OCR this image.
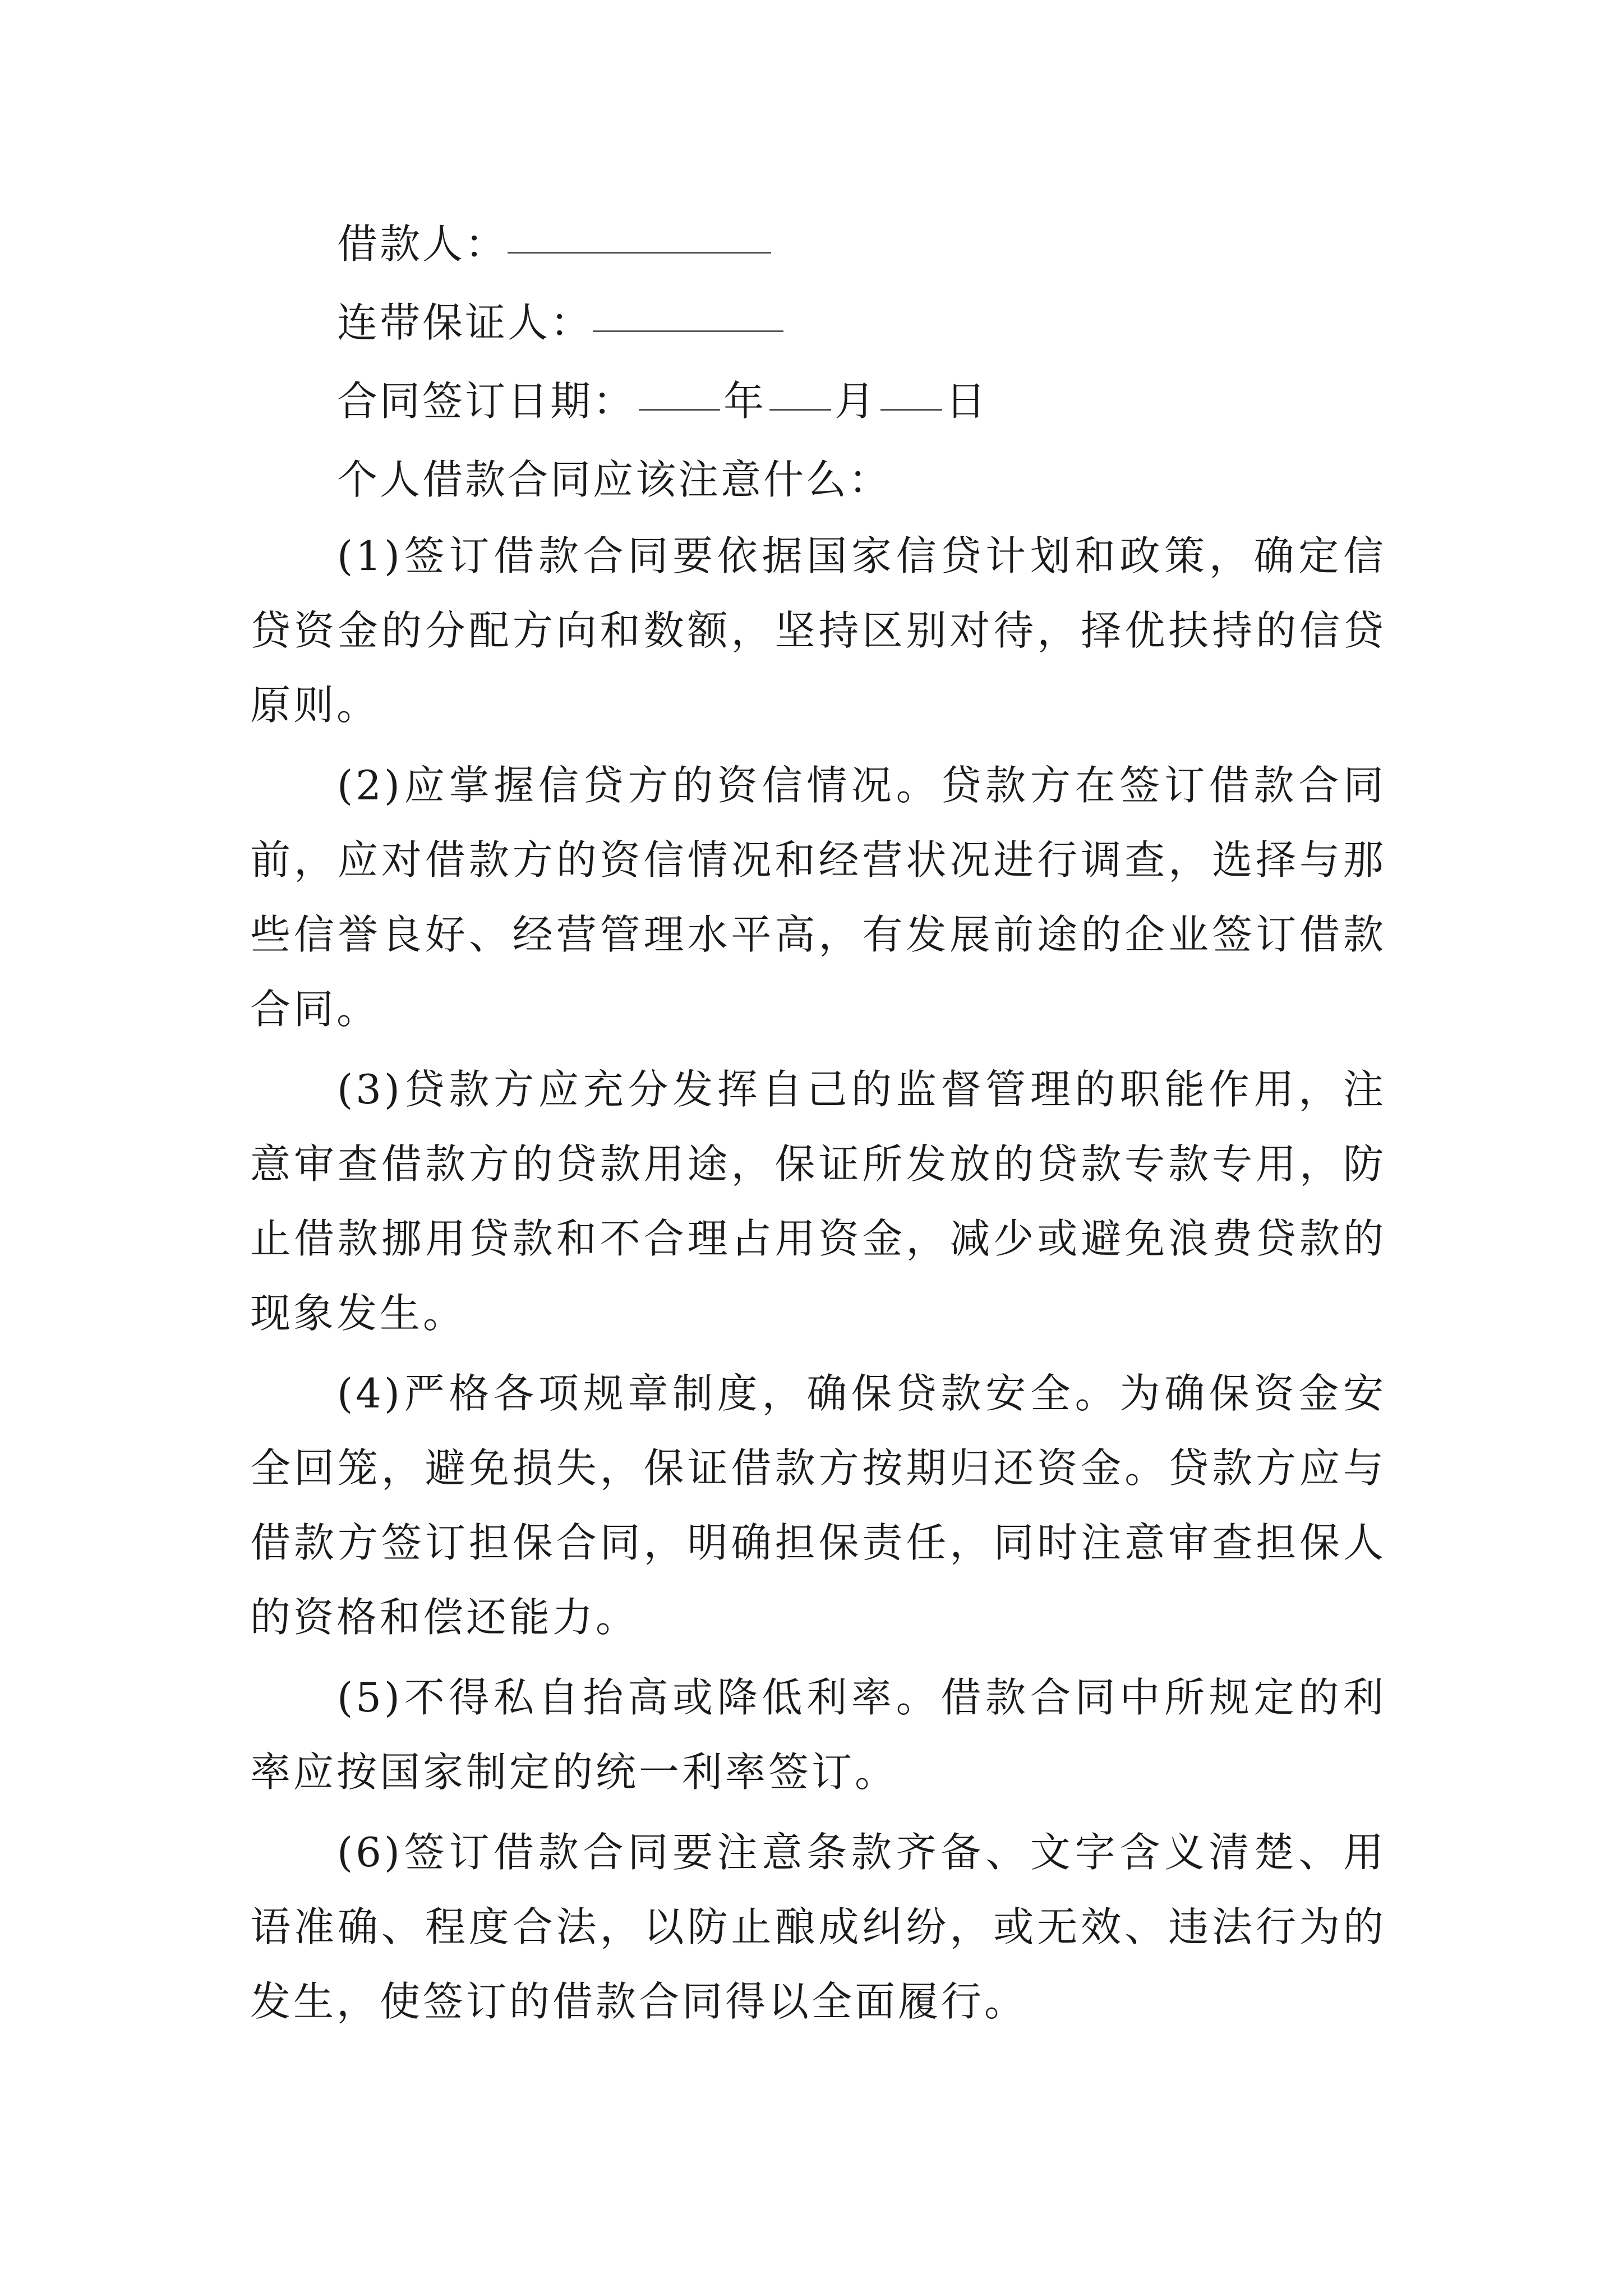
借款人：
连带保证人：
合同签订日期： 年 月 日
个人借款合同应该注意什么：

(1)签订借款合同要依据国家信贷计划和政策，确定信贷资金的分配方向和数额，坚持区别对待，择优扶持的信贷原则。

(2)应掌握信贷方的资信情况。贷款方在签订借款合同前，应对借款方的资信情况和经营状况进行调查，选择与那些信誉良好、经营管理水平高，有发展前途的企业签订借款合同。

(3)贷款方应充分发挥自己的监督管理的职能作用，注意审查借款方的贷款用途，保证所发放的贷款专款专用，防止借款挪用贷款和不合理占用资金，减少或避免浪费贷款的现象发生。

(4)严格各项规章制度，确保贷款安全。为确保资金安全回笼，避免损失，保证借款方按期归还资金。贷款方应与借款方签订担保合同，明确担保责任，同时注意审查担保人的资格和偿还能力。

(5)不得私自抬高或降低利率。借款合同中所规定的利率应按国家制定的统一利率签订。

(6)签订借款合同要注意条款齐备、文字含义清楚、用语准确、程度合法，以防止酿成纠纷，或无效、违法行为的发生，使签订的借款合同得以全面履行。
